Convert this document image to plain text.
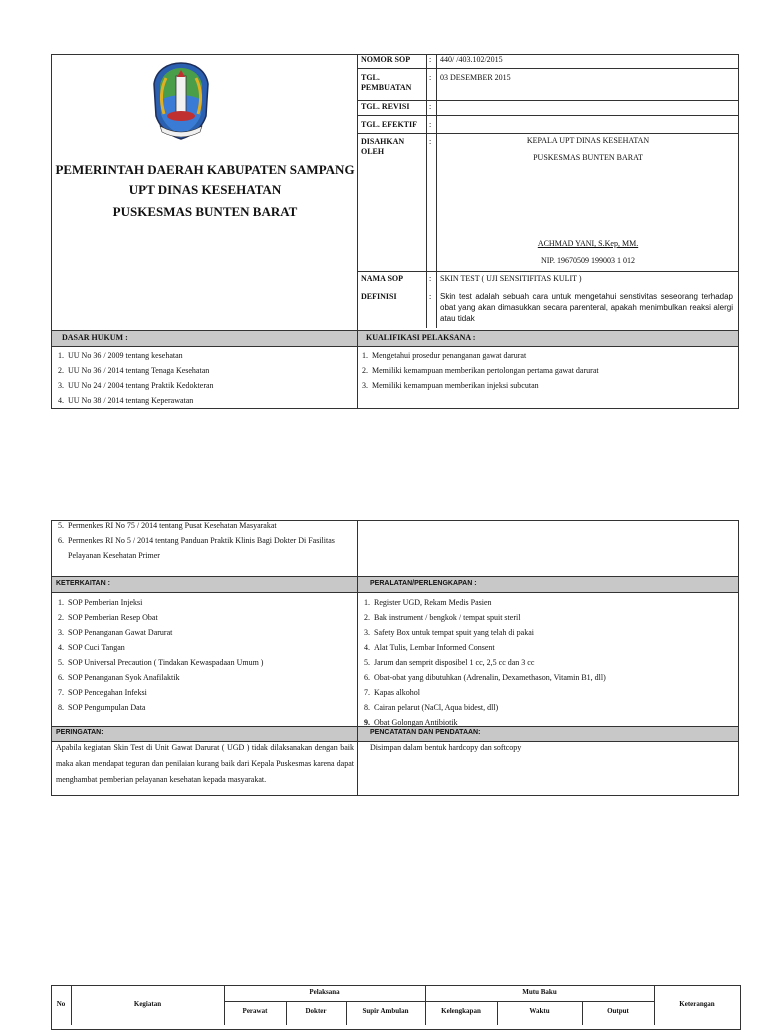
PEMERINTAH DAERAH KABUPATEN SAMPANG
UPT DINAS KESEHATAN
PUSKESMAS BUNTEN BARAT
NOMOR SOP : 440/ /403.102/2015
TGL. PEMBUATAN
: 03 DESEMBER 2015
TGL. REVISI :
TGL. EFEKTIF :
DISAHKAN OLEH
:	KEPALA UPT DINAS KESEHATAN
PUSKESMAS BUNTEN BARAT
ACHMAD YANI, S.Kep, MM.
NIP. 19670509 199003 1 012
NAMA SOP	: SKIN TEST ( UJI SENSITIFITAS KULIT )
DEFINISI	: Skin test adalah sebuah cara untuk mengetahui senstivitas seseorang terhadap obat yang akan dimasukkan secara parenteral, apakah menimbulkan reaksi alergi atau tidak
DASAR HUKUM :	KUALIFIKASI PELAKSANA :
1. UU No 36 / 2009 tentang kesehatan
2. UU No 36 / 2014 tentang Tenaga Kesehatan
3. UU No 24 / 2004 tentang Praktik Kedokteran
4. UU No 38 / 2014 tentang Keperawatan
1. Mengetahui prosedur penanganan gawat darurat
2. Memiliki kemampuan memberikan pertolongan pertama gawat darurat
3. Memiliki kemampuan memberikan injeksi subcutan
5. Permenkes RI No 75 / 2014 tentang Pusat Kesehatan Masyarakat
6. Permenkes RI No 5 / 2014 tentang Panduan Praktik Klinis Bagi Dokter Di Fasilitas
Pelayanan Kesehatan Primer
KETERKAITAN :	PERALATAN/PERLENGKAPAN :
1. SOP Pemberian Injeksi
2. SOP Pemberian Resep Obat
3. SOP Penanganan Gawat Darurat
4. SOP Cuci Tangan
5. SOP Universal Precaution ( Tindakan Kewaspadaan Umum )
6. SOP Penanganan Syok Anafilaktik
7. SOP Pencegahan Infeksi
8. SOP Pengumpulan Data
1. Register UGD, Rekam Medis Pasien
2. Bak instrument / bengkok / tempat spuit steril
3. Safety Box untuk tempat spuit yang telah di pakai
4. Alat Tulis, Lembar Informed Consent
5. Jarum dan semprit disposibel 1 cc, 2,5 cc dan 3 cc
6. Obat-obat yang dibutuhkan (Adrenalin, Dexamethason, Vitamin B1, dll)
7. Kapas alkohol
8. Cairan pelarut (NaCl, Aqua bidest, dll)
9. Obat Golongan Antibiotik
PERINGATAN:	PENCATATAN DAN PENDATAAN:
Apabila kegiatan Skin Test di Unit Gawat Darurat ( UGD ) tidak dilaksanakan dengan baik maka akan mendapat teguran dan penilaian kurang baik dari Kepala Puskesmas karena dapat menghambat pemberian pelayanan kesehatan kepada masyarakat.
Disimpan dalam bentuk hardcopy dan softcopy
No	Kegiatan
Pelaksana
Perawat	Dokter	Supir Ambulan
Mutu Baku
Kelengkapan	Waktu	Output
Keterangan
